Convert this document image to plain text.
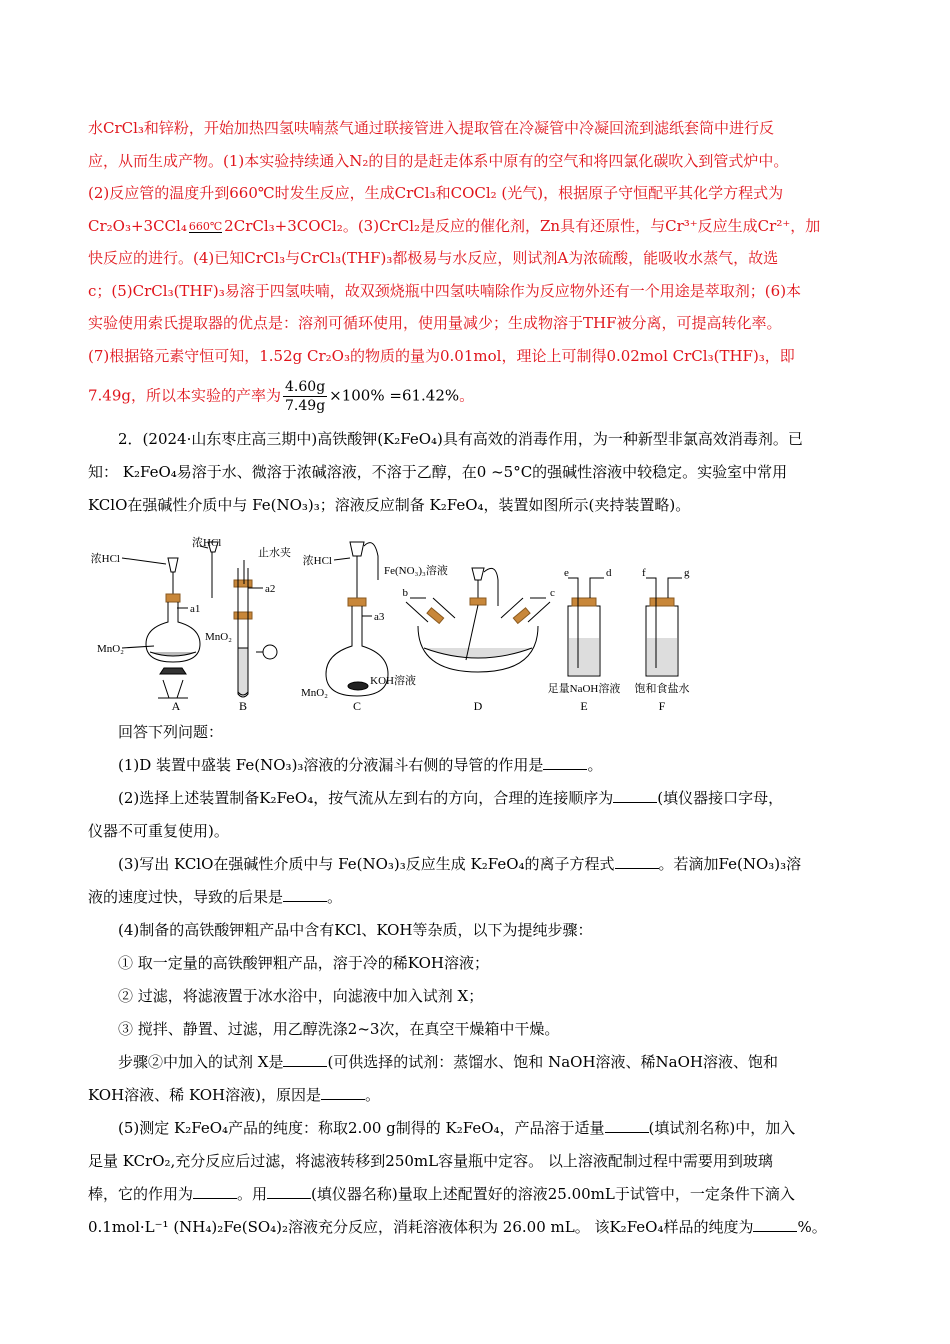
水CrCl₃和锌粉，开始加热四氢呋喃蒸气通过联接管进入提取管在冷凝管中冷凝回流到滤纸套筒中进行反

应，从而生成产物。(1)本实验持续通入N₂的目的是赶走体系中原有的空气和将四氯化碳吹入到管式炉中。

(2)反应管的温度升到660℃时发生反应，生成CrCl₃和COCl₂ (光气)，根据原子守恒配平其化学方程式为

Cr₂O₃+3CCl₄ 660℃ 2CrCl₃+3COCl₂。(3)CrCl₂是反应的催化剂，Zn具有还原性，与Cr³⁺反应生成Cr²⁺，加

快反应的进行。(4)已知CrCl₃与CrCl₃(THF)₃都极易与水反应，则试剂A为浓硫酸，能吸收水蒸气，故选

c；(5)CrCl₃(THF)₃易溶于四氢呋喃，故双颈烧瓶中四氢呋喃除作为反应物外还有一个用途是萃取剂；(6)本

实验使用索氏提取器的优点是：溶剂可循环使用，使用量减少；生成物溶于THF被分离，可提高转化率。

(7)根据铬元素守恒可知，1.52g Cr₂O₃的物质的量为0.01mol，理论上可制得0.02mol CrCl₃(THF)₃，即

7.49g，所以本实验的产率为 $\frac{4.60g}{7.49g} \times 100\% =61.42\%$。

2．(2024·山东枣庄高三期中)高铁酸钾(K₂FeO₄)具有高效的消毒作用，为一种新型非氯高效消毒剂。已

知： K₂FeO₄易溶于水、微溶于浓碱溶液，不溶于乙醇，在0 ~5°C的强碱性溶液中较稳定。实验室中常用

KClO在强碱性介质中与 Fe(NO₃)₃；溶液反应制备 K₂FeO₄，装置如图所示(夹持装置略)。

浓HCl
a1
MnO₂
浓HCl
止水夹
a2
MnO₂
浓HCl
a3
MnO₂
Fe(NO₃)₃溶液
b	c
KOH溶液
e	d
足量NaOH溶液
f	g
饱和食盐水
A	B	C	D	E	F

回答下列问题：

(1)D 装置中盛装 Fe(NO₃)₃溶液的分液漏斗右侧的导管的作用是	。

(2)选择上述装置制备K₂FeO₄，按气流从左到右的方向，合理的连接顺序为	(填仪器接口字母，

仪器不可重复使用)。

(3)写出 KClO在强碱性介质中与 Fe(NO₃)₃反应生成 K₂FeO₄的离子方程式	。若滴加Fe(NO₃)₃溶

液的速度过快，导致的后果是	。

(4)制备的高铁酸钾粗产品中含有KCl、KOH等杂质，以下为提纯步骤：

① 取一定量的高铁酸钾粗产品，溶于冷的稀KOH溶液；

② 过滤，将滤液置于冰水浴中，向滤液中加入试剂 X；

③ 搅拌、静置、过滤，用乙醇洗涤2~3次，在真空干燥箱中干燥。

步骤②中加入的试剂 X是	(可供选择的试剂：蒸馏水、饱和 NaOH溶液、稀NaOH溶液、饱和

KOH溶液、稀 KOH溶液)，原因是	。

(5)测定 K₂FeO₄产品的纯度：称取2.00 g制得的 K₂FeO₄，产品溶于适量	(填试剂名称)中，加入

足量 KCrO₂,充分反应后过滤，将滤液转移到250mL容量瓶中定容。 以上溶液配制过程中需要用到玻璃

棒，它的作用为	。用	(填仪器名称)量取上述配置好的溶液25.00mL于试管中，一定条件下滴入

0.1mol·L⁻¹ (NH₄)₂Fe(SO₄)₂溶液充分反应，消耗溶液体积为 26.00 mL。 该K₂FeO₄样品的纯度为	%。
